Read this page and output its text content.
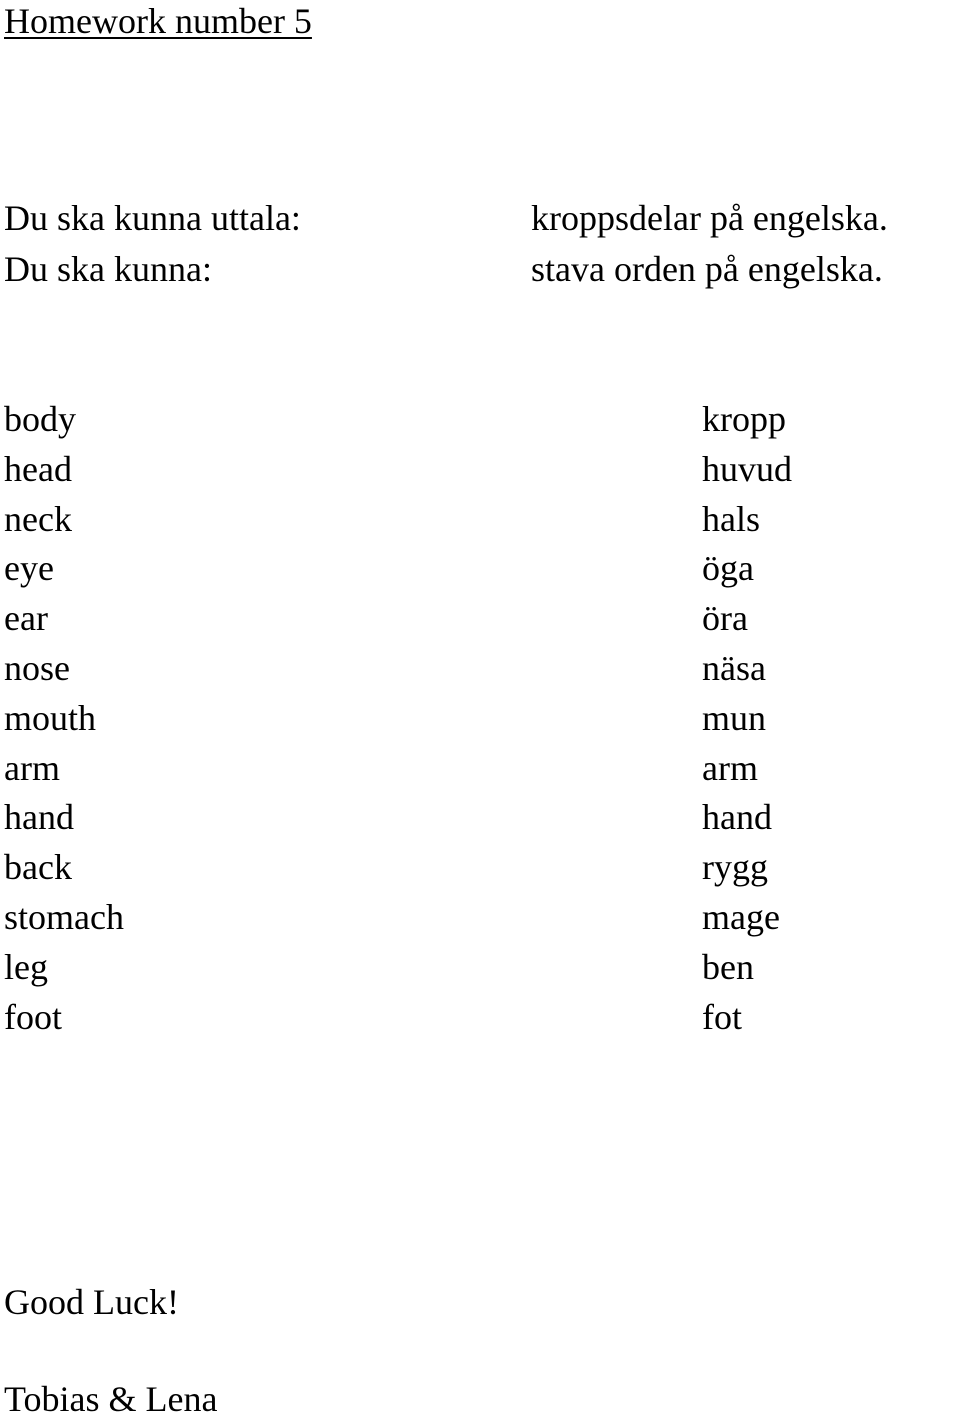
Homework number 5
Du ska kunna uttala:	kroppsdelar på engelska.
Du ska kunna:	stava orden på engelska.
body	kropp
head	huvud
neck	hals
eye	öga
ear	öra
nose	näsa
mouth	mun
arm	arm
hand	hand
back	rygg
stomach	mage
leg	ben
foot	fot
Good Luck!
Tobias & Lena
